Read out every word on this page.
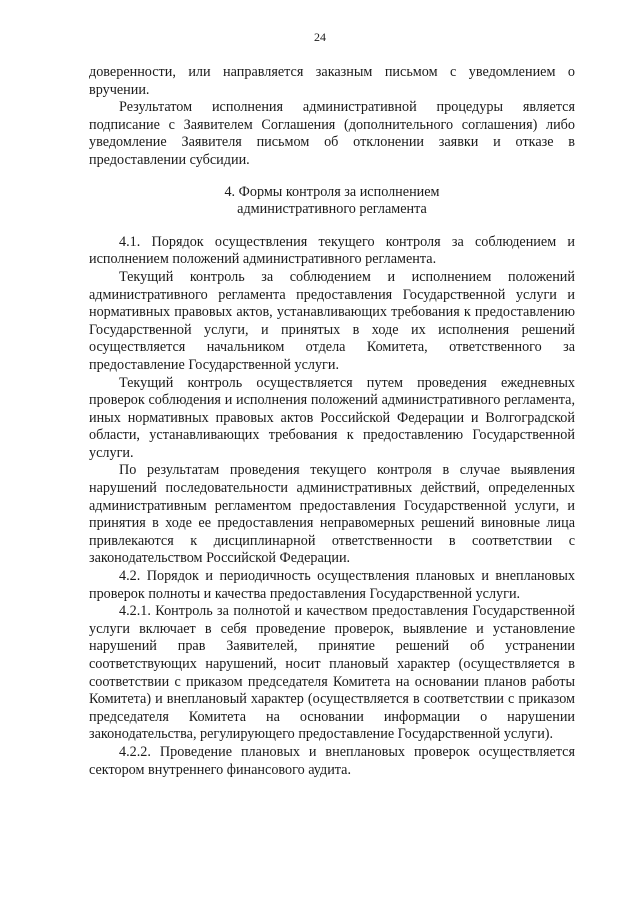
24

доверенности, или направляется заказным письмом с уведомлением о вручении.

Результатом исполнения административной процедуры является подписание с Заявителем Соглашения (дополнительного соглашения) либо уведомление Заявителя письмом об отклонении заявки и отказе в предоставлении субсидии.

4. Формы контроля за исполнением
административного регламента

4.1. Порядок осуществления текущего контроля за соблюдением и исполнением положений административного регламента.

Текущий контроль за соблюдением и исполнением положений административного регламента предоставления Государственной услуги и нормативных правовых актов, устанавливающих требования к предоставлению Государственной услуги, и принятых в ходе их исполнения решений осуществляется начальником отдела Комитета, ответственного за предоставление Государственной услуги.

Текущий контроль осуществляется путем проведения ежедневных проверок соблюдения и исполнения положений административного регламента, иных нормативных правовых актов Российской Федерации и Волгоградской области, устанавливающих требования к предоставлению Государственной услуги.

По результатам проведения текущего контроля в случае выявления нарушений последовательности административных действий, определенных административным регламентом предоставления Государственной услуги, и принятия в ходе ее предоставления неправомерных решений виновные лица привлекаются к дисциплинарной ответственности в соответствии с законодательством Российской Федерации.

4.2. Порядок и периодичность осуществления плановых и внеплановых проверок полноты и качества предоставления Государственной услуги.

4.2.1. Контроль за полнотой и качеством предоставления Государственной услуги включает в себя проведение проверок, выявление и установление нарушений прав Заявителей, принятие решений об устранении соответствующих нарушений, носит плановый характер (осуществляется в соответствии с приказом председателя Комитета на основании планов работы Комитета) и внеплановый характер (осуществляется в соответствии с приказом председателя Комитета на основании информации о нарушении законодательства, регулирующего предоставление Государственной услуги).

4.2.2. Проведение плановых и внеплановых проверок осуществляется сектором внутреннего финансового аудита.
